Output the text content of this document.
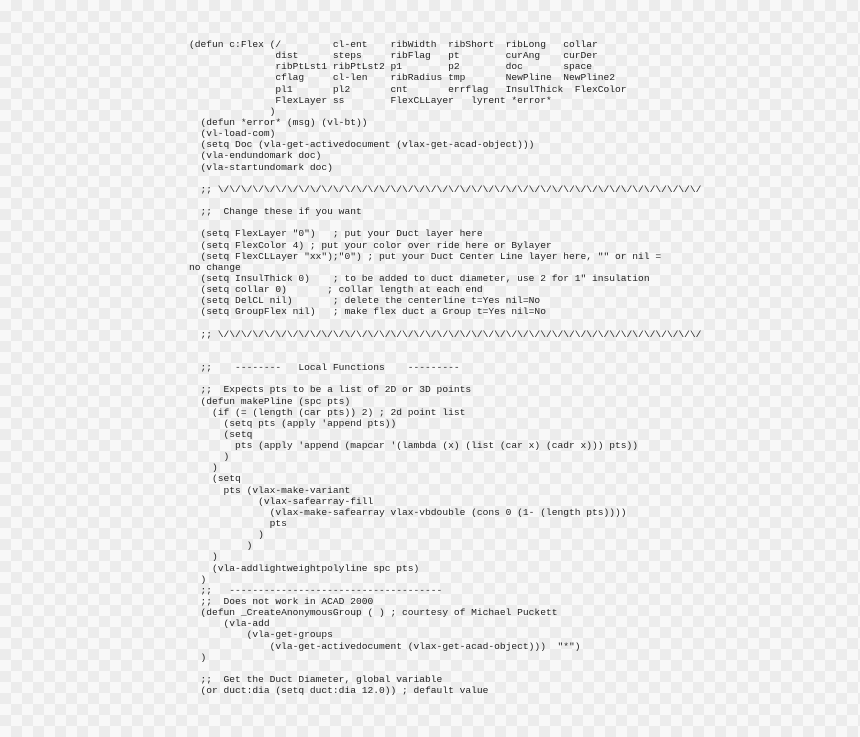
(defun c:Flex (/         cl-ent    ribWidth  ribShort  ribLong   collar
dist      steps     ribFlag   pt        curAng    curDer
ribPtLst1 ribPtLst2 p1        p2        doc       space
cflag     cl-len    ribRadius tmp       NewPline  NewPline2
pl1       pl2       cnt       errflag   InsulThick  FlexColor
FlexLayer ss        FlexCLLayer   lyrent *error*
)
(defun *error* (msg) (vl-bt))
(vl-load-com)
(setq Doc (vla-get-activedocument (vlax-get-acad-object)))
(vla-endundomark doc)
(vla-startundomark doc)
;; \/\/\/\/\/\/\/\/\/\/\/\/\/\/\/\/\/\/\/\/\/\/\/\/\/\/\/\/\/\/\/\/\/\/\/\/\/\/\/\/\/\/
;;  Change these if you want
(setq FlexLayer "0")   ; put your Duct layer here
(setq FlexColor 4) ; put your color over ride here or Bylayer
(setq FlexCLLayer "xx");"0") ; put your Duct Center Line layer here, "" or nil =
no change
(setq InsulThick 0)    ; to be added to duct diameter, use 2 for 1" insulation
(setq collar 0)       ; collar length at each end
(setq DelCL nil)       ; delete the centerline t=Yes nil=No
(setq GroupFlex nil)   ; make flex duct a Group t=Yes nil=No
;; \/\/\/\/\/\/\/\/\/\/\/\/\/\/\/\/\/\/\/\/\/\/\/\/\/\/\/\/\/\/\/\/\/\/\/\/\/\/\/\/\/\/
;;    --------   Local Functions    ---------
;;  Expects pts to be a list of 2D or 3D points
(defun makePline (spc pts)
(if (= (length (car pts)) 2) ; 2d point list
(setq pts (apply 'append pts))
(setq
pts (apply 'append (mapcar '(lambda (x) (list (car x) (cadr x))) pts))
)
)
(setq
pts (vlax-make-variant
(vlax-safearray-fill
(vlax-make-safearray vlax-vbdouble (cons 0 (1- (length pts))))
pts
)
)
)
(vla-addlightweightpolyline spc pts)
)
;;   -------------------------------------
;;  Does not work in ACAD 2000
(defun _CreateAnonymousGroup ( ) ; courtesy of Michael Puckett
(vla-add
(vla-get-groups
(vla-get-activedocument (vlax-get-acad-object)))  "*")
)
;;  Get the Duct Diameter, global variable
(or duct:dia (setq duct:dia 12.0)) ; default value
